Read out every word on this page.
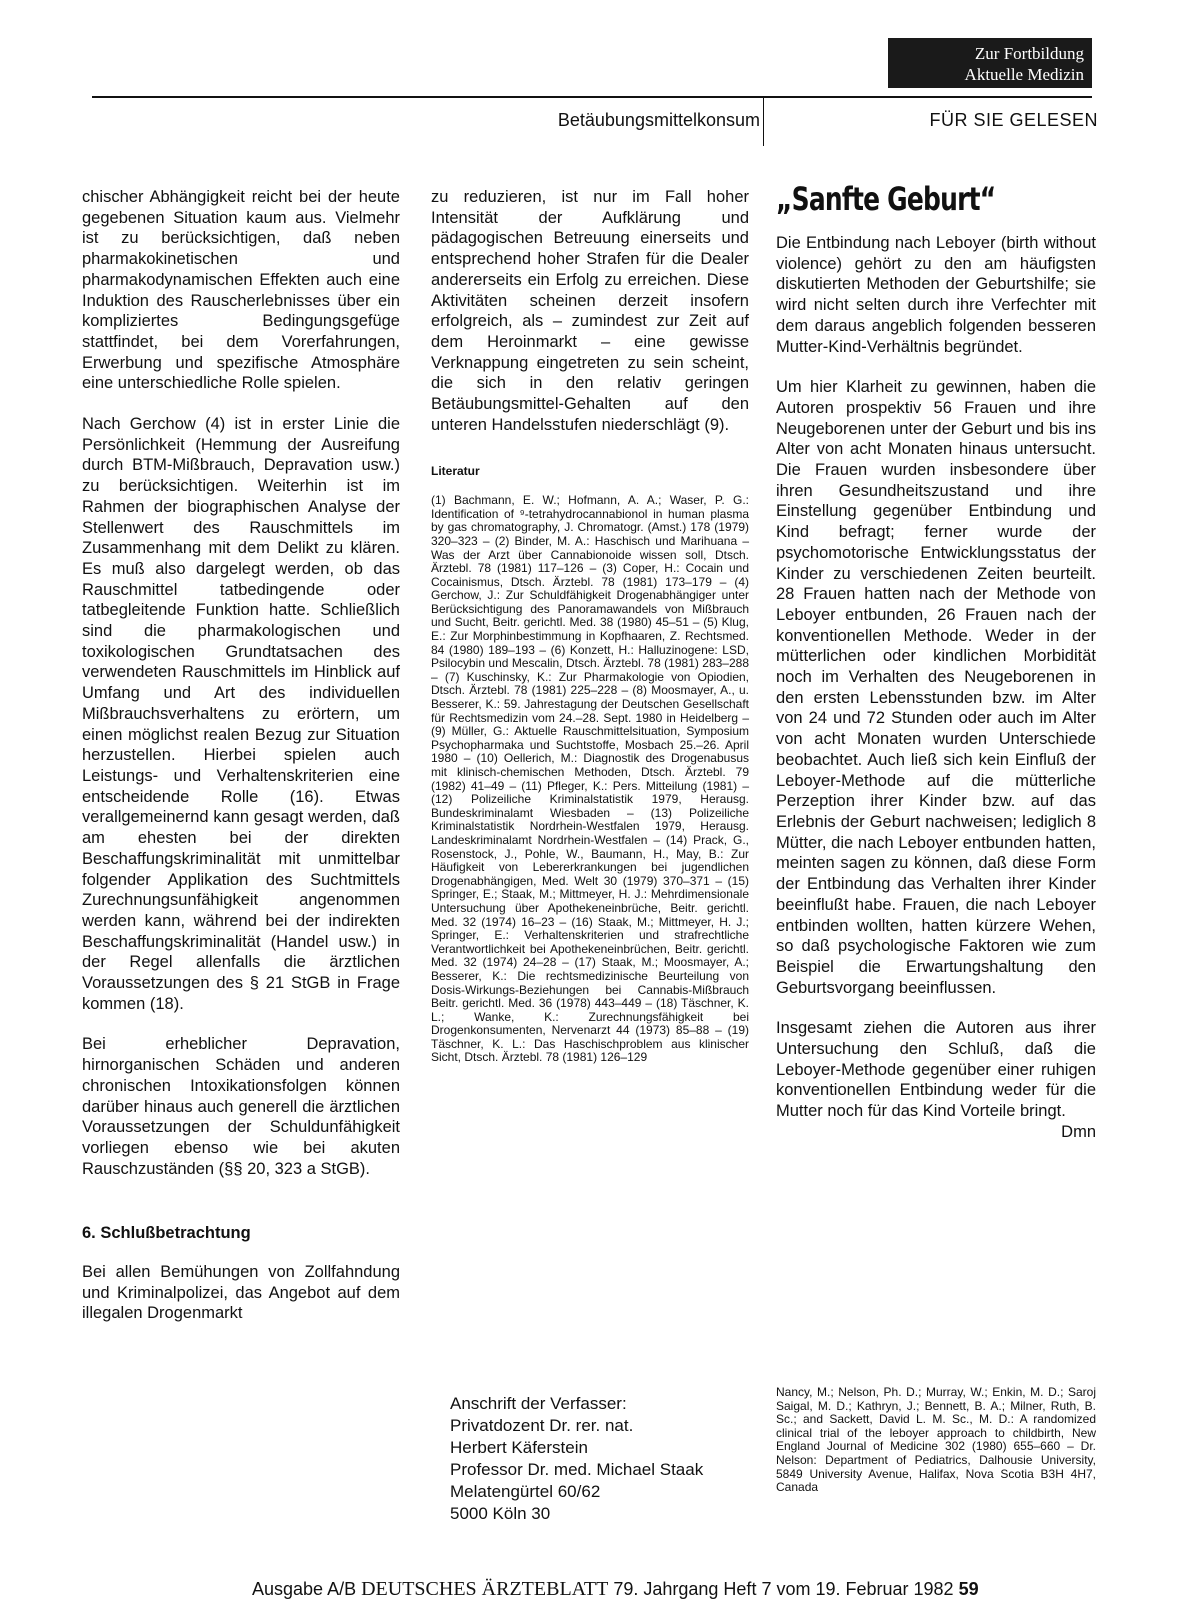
Zur Fortbildung
Aktuelle Medizin
Betäubungsmittelkonsum	FÜR SIE GELESEN

chischer Abhängigkeit reicht bei der heute gegebenen Situation kaum aus. Vielmehr ist zu berücksichtigen, daß neben pharmakokinetischen und pharmakodynamischen Effekten auch eine Induktion des Rauscherlebnisses über ein kompliziertes Bedingungsgefüge stattfindet, bei dem Vorerfahrungen, Erwerbung und spezifische Atmosphäre eine unterschiedliche Rolle spielen.

Nach Gerchow (4) ist in erster Linie die Persönlichkeit (Hemmung der Ausreifung durch BTM-Mißbrauch, Depravation usw.) zu berücksichtigen. Weiterhin ist im Rahmen der biographischen Analyse der Stellenwert des Rauschmittels im Zusammenhang mit dem Delikt zu klären. Es muß also dargelegt werden, ob das Rauschmittel tatbedingende oder tatbegleitende Funktion hatte. Schließlich sind die pharmakologischen und toxikologischen Grundtatsachen des verwendeten Rauschmittels im Hinblick auf Umfang und Art des individuellen Mißbrauchsverhaltens zu erörtern, um einen möglichst realen Bezug zur Situation herzustellen. Hierbei spielen auch Leistungs- und Verhaltenskriterien eine entscheidende Rolle (16). Etwas verallgemeinernd kann gesagt werden, daß am ehesten bei der direkten Beschaffungskriminalität mit unmittelbar folgender Applikation des Suchtmittels Zurechnungsunfähigkeit angenommen werden kann, während bei der indirekten Beschaffungskriminalität (Handel usw.) in der Regel allenfalls die ärztlichen Voraussetzungen des § 21 StGB in Frage kommen (18).

Bei erheblicher Depravation, hirnorganischen Schäden und anderen chronischen Intoxikationsfolgen können darüber hinaus auch generell die ärztlichen Voraussetzungen der Schuldunfähigkeit vorliegen ebenso wie bei akuten Rauschzuständen (§§ 20, 323 a StGB).

6. Schlußbetrachtung

Bei allen Bemühungen von Zollfahndung und Kriminalpolizei, das Angebot auf dem illegalen Drogenmarkt

zu reduzieren, ist nur im Fall hoher Intensität der Aufklärung und pädagogischen Betreuung einerseits und entsprechend hoher Strafen für die Dealer andererseits ein Erfolg zu erreichen. Diese Aktivitäten scheinen derzeit insofern erfolgreich, als – zumindest zur Zeit auf dem Heroinmarkt – eine gewisse Verknappung eingetreten zu sein scheint, die sich in den relativ geringen Betäubungsmittel-Gehalten auf den unteren Handelsstufen niederschlägt (9).

Literatur
(1) Bachmann, E. W.; Hofmann, A. A.; Waser, P. G.: Identification of ⁹-tetrahydrocannabionol in human plasma by gas chromatography, J. Chromatogr. (Amst.) 178 (1979) 320–323 – (2) Binder, M. A.: Haschisch und Marihuana – Was der Arzt über Cannabionoide wissen soll, Dtsch. Ärztebl. 78 (1981) 117–126 – (3) Coper, H.: Cocain und Cocainismus, Dtsch. Ärztebl. 78 (1981) 173–179 – (4) Gerchow, J.: Zur Schuldfähigkeit Drogenabhängiger unter Berücksichtigung des Panoramawandels von Mißbrauch und Sucht, Beitr. gerichtl. Med. 38 (1980) 45–51 – (5) Klug, E.: Zur Morphinbestimmung in Kopfhaaren, Z. Rechtsmed. 84 (1980) 189–193 – (6) Konzett, H.: Halluzinogene: LSD, Psilocybin und Mescalin, Dtsch. Ärztebl. 78 (1981) 283–288 – (7) Kuschinsky, K.: Zur Pharmakologie von Opiodien, Dtsch. Ärztebl. 78 (1981) 225–228 – (8) Moosmayer, A., u. Besserer, K.: 59. Jahrestagung der Deutschen Gesellschaft für Rechtsmedizin vom 24.–28. Sept. 1980 in Heidelberg – (9) Müller, G.: Aktuelle Rauschmittelsituation, Symposium Psychopharmaka und Suchtstoffe, Mosbach 25.–26. April 1980 – (10) Oellerich, M.: Diagnostik des Drogenabusus mit klinisch-chemischen Methoden, Dtsch. Ärztebl. 79 (1982) 41–49 – (11) Pfleger, K.: Pers. Mitteilung (1981) – (12) Polizeiliche Kriminalstatistik 1979, Herausg. Bundeskriminalamt Wiesbaden – (13) Polizeiliche Kriminalstatistik Nordrhein-Westfalen 1979, Herausg. Landeskriminalamt Nordrhein-Westfalen – (14) Prack, G., Rosenstock, J., Pohle, W., Baumann, H., May, B.: Zur Häufigkeit von Lebererkrankungen bei jugendlichen Drogenabhängigen, Med. Welt 30 (1979) 370–371 – (15) Springer, E.; Staak, M.; Mittmeyer, H. J.: Mehrdimensionale Untersuchung über Apothekeneinbrüche, Beitr. gerichtl. Med. 32 (1974) 16–23 – (16) Staak, M.; Mittmeyer, H. J.; Springer, E.: Verhaltenskriterien und strafrechtliche Verantwortlichkeit bei Apothekeneinbrüchen, Beitr. gerichtl. Med. 32 (1974) 24–28 – (17) Staak, M.; Moosmayer, A.; Besserer, K.: Die rechtsmedizinische Beurteilung von Dosis-Wirkungs-Beziehungen bei Cannabis-Mißbrauch Beitr. gerichtl. Med. 36 (1978) 443–449 – (18) Täschner, K. L.; Wanke, K.: Zurechnungsfähigkeit bei Drogenkonsumenten, Nervenarzt 44 (1973) 85–88 – (19) Täschner, K. L.: Das Haschischproblem aus klinischer Sicht, Dtsch. Ärztebl. 78 (1981) 126–129
Anschrift der Verfasser:
Privatdozent Dr. rer. nat.
Herbert Käferstein
Professor Dr. med. Michael Staak
Melatengürtel 60/62
5000 Köln 30
„Sanfte Geburt“

Die Entbindung nach Leboyer (birth without violence) gehört zu den am häufigsten diskutierten Methoden der Geburtshilfe; sie wird nicht selten durch ihre Verfechter mit dem daraus angeblich folgenden besseren Mutter-Kind-Verhältnis begründet.

Um hier Klarheit zu gewinnen, haben die Autoren prospektiv 56 Frauen und ihre Neugeborenen unter der Geburt und bis ins Alter von acht Monaten hinaus untersucht. Die Frauen wurden insbesondere über ihren Gesundheitszustand und ihre Einstellung gegenüber Entbindung und Kind befragt; ferner wurde der psychomotorische Entwicklungsstatus der Kinder zu verschiedenen Zeiten beurteilt. 28 Frauen hatten nach der Methode von Leboyer entbunden, 26 Frauen nach der konventionellen Methode. Weder in der mütterlichen oder kindlichen Morbidität noch im Verhalten des Neugeborenen in den ersten Lebensstunden bzw. im Alter von 24 und 72 Stunden oder auch im Alter von acht Monaten wurden Unterschiede beobachtet. Auch ließ sich kein Einfluß der Leboyer-Methode auf die mütterliche Perzeption ihrer Kinder bzw. auf das Erlebnis der Geburt nachweisen; lediglich 8 Mütter, die nach Leboyer entbunden hatten, meinten sagen zu können, daß diese Form der Entbindung das Verhalten ihrer Kinder beeinflußt habe. Frauen, die nach Leboyer entbinden wollten, hatten kürzere Wehen, so daß psychologische Faktoren wie zum Beispiel die Erwartungshaltung den Geburtsvorgang beeinflussen.

Insgesamt ziehen die Autoren aus ihrer Untersuchung den Schluß, daß die Leboyer-Methode gegenüber einer ruhigen konventionellen Entbindung weder für die Mutter noch für das Kind Vorteile bringt.
Dmn

Nancy, M.; Nelson, Ph. D.; Murray, W.; Enkin, M. D.; Saroj Saigal, M. D.; Kathryn, J.; Bennett, B. A.; Milner, Ruth, B. Sc.; and Sackett, David L. M. Sc., M. D.: A randomized clinical trial of the leboyer approach to childbirth, New England Journal of Medicine 302 (1980) 655–660 – Dr. Nelson: Department of Pediatrics, Dalhousie University, 5849 University Avenue, Halifax, Nova Scotia B3H 4H7, Canada
Ausgabe A/B DEUTSCHES ÄRZTEBLATT 79. Jahrgang Heft 7 vom 19. Februar 1982 59
